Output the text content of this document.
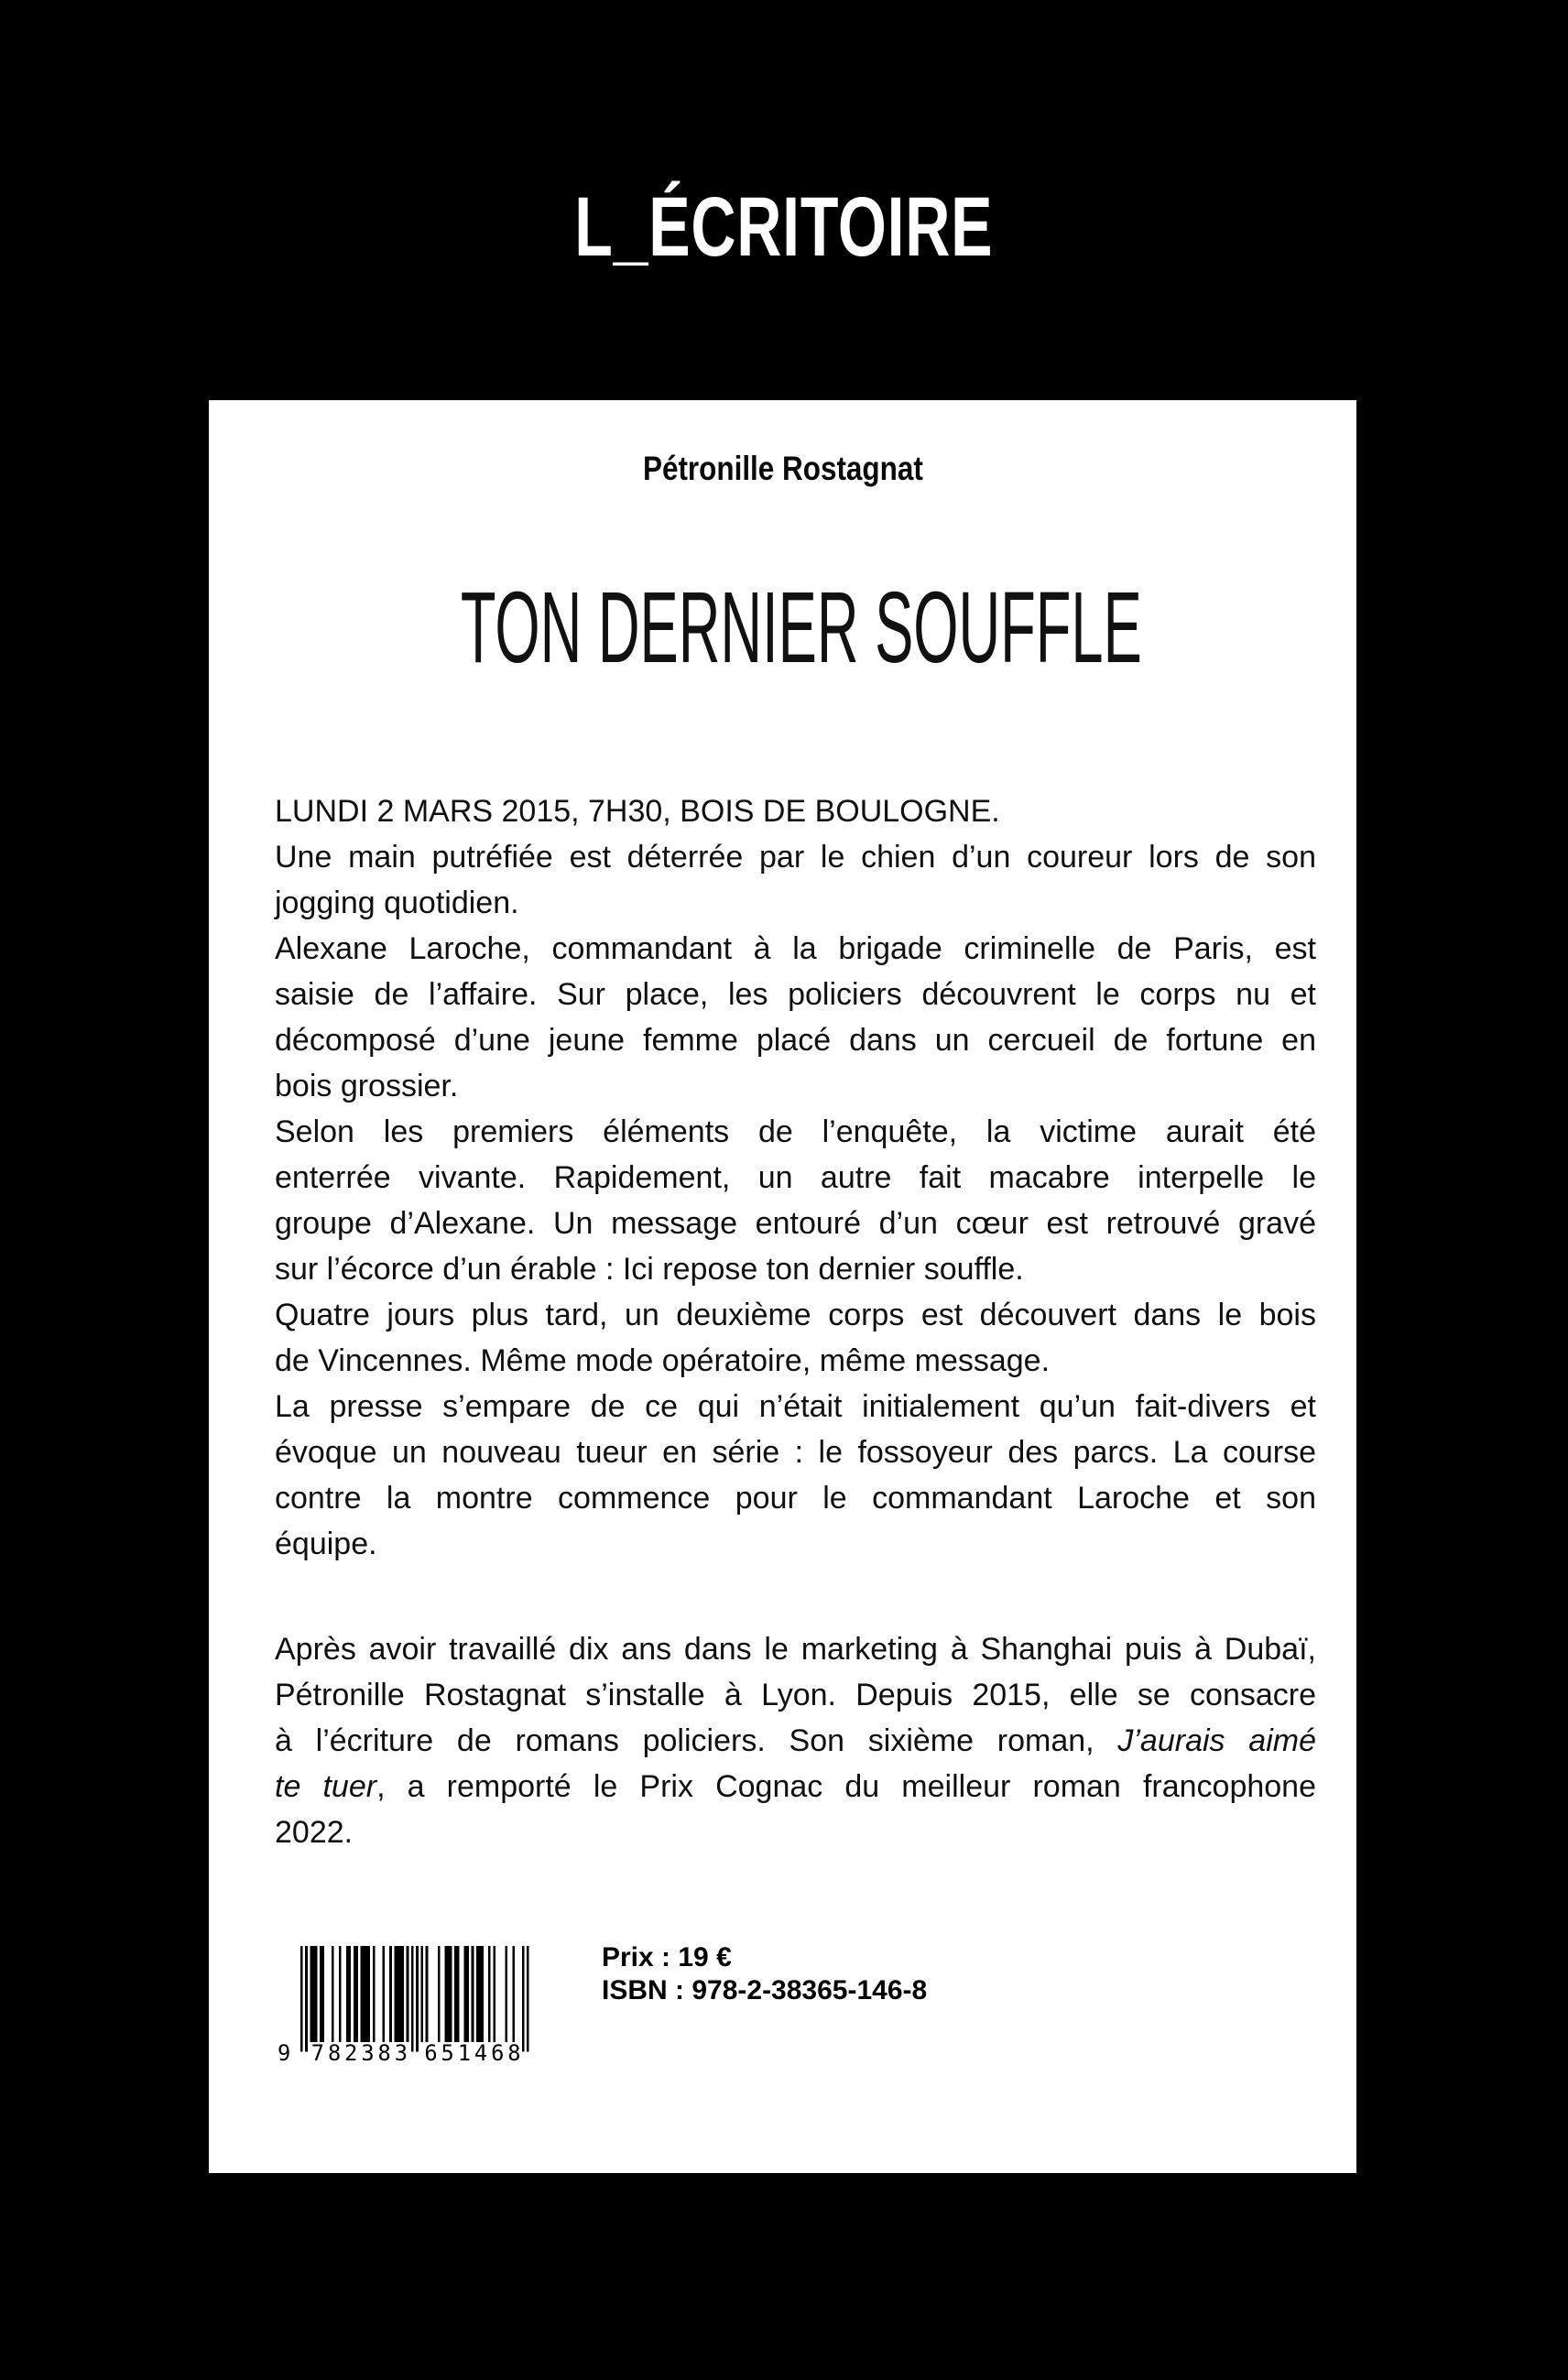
L_ÉCRITOIRE
Pétronille Rostagnat
TON DERNIER SOUFFLE
LUNDI 2 MARS 2015, 7H30, BOIS DE BOULOGNE.
Une main putréfiée est déterrée par le chien d’un coureur lors de son
jogging quotidien.
Alexane Laroche, commandant à la brigade criminelle de Paris, est
saisie de l’affaire. Sur place, les policiers découvrent le corps nu et
décomposé d’une jeune femme placé dans un cercueil de fortune en
bois grossier.
Selon les premiers éléments de l’enquête, la victime aurait été
enterrée vivante. Rapidement, un autre fait macabre interpelle le
groupe d’Alexane. Un message entouré d’un cœur est retrouvé gravé
sur l’écorce d’un érable : Ici repose ton dernier souffle.
Quatre jours plus tard, un deuxième corps est découvert dans le bois
de Vincennes. Même mode opératoire, même message.
La presse s’empare de ce qui n’était initialement qu’un fait-divers et
évoque un nouveau tueur en série : le fossoyeur des parcs. La course
contre la montre commence pour le commandant Laroche et son
équipe.
Après avoir travaillé dix ans dans le marketing à Shanghai puis à Dubaï,
Pétronille Rostagnat s’installe à Lyon. Depuis 2015, elle se consacre
à l’écriture de romans policiers. Son sixième roman, J’aurais aimé
te tuer, a remporté le Prix Cognac du meilleur roman francophone
2022.
Prix : 19 €
ISBN : 978-2-38365-146-8
9	782383 651468
